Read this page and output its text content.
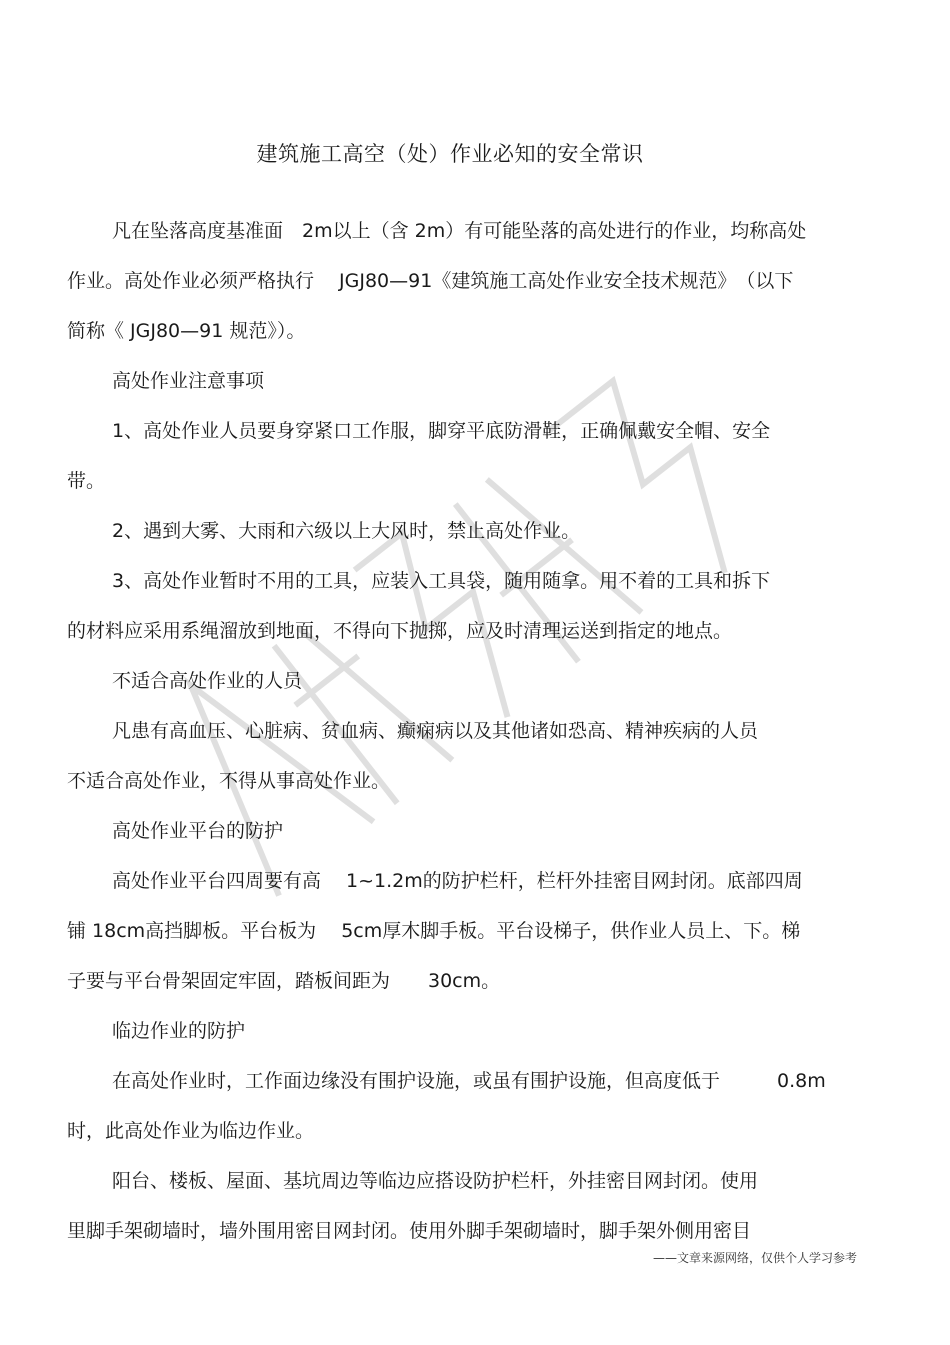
建筑施工高空（处）作业必知的安全常识
凡在坠落高度基准面　2m以上（含 2m）有可能坠落的高处进行的作业，均称高处
作业。高处作业必须严格执行　 JGJ80—91《建筑施工高处作业安全技术规范》　（以下
简称《 JGJ80—91 规范》）。
高处作业注意事项
1、高处作业人员要身穿紧口工作服，脚穿平底防滑鞋，正确佩戴安全帽、安全
带。
2、遇到大雾、大雨和六级以上大风时，禁止高处作业。
3、高处作业暂时不用的工具，应装入工具袋，随用随拿。用不着的工具和拆下
的材料应采用系绳溜放到地面，不得向下抛掷，应及时清理运送到指定的地点。
不适合高处作业的人员
凡患有高血压、心脏病、贫血病、癫痫病以及其他诸如恐高、精神疾病的人员
不适合高处作业，不得从事高处作业。
高处作业平台的防护
高处作业平台四周要有高　 1~1.2m的防护栏杆，栏杆外挂密目网封闭。底部四周
铺 18cm高挡脚板。平台板为　 5cm厚木脚手板。平台设梯子，供作业人员上、下。梯
子要与平台骨架固定牢固，踏板间距为　　30cm。
临边作业的防护
在高处作业时，工作面边缘没有围护设施，或虽有围护设施，但高度低于　　　0.8m
时，此高处作业为临边作业。
阳台、楼板、屋面、基坑周边等临边应搭设防护栏杆，外挂密目网封闭。使用
里脚手架砌墙时，墙外围用密目网封闭。使用外脚手架砌墙时，脚手架外侧用密目
——文章来源网络，仅供个人学习参考
